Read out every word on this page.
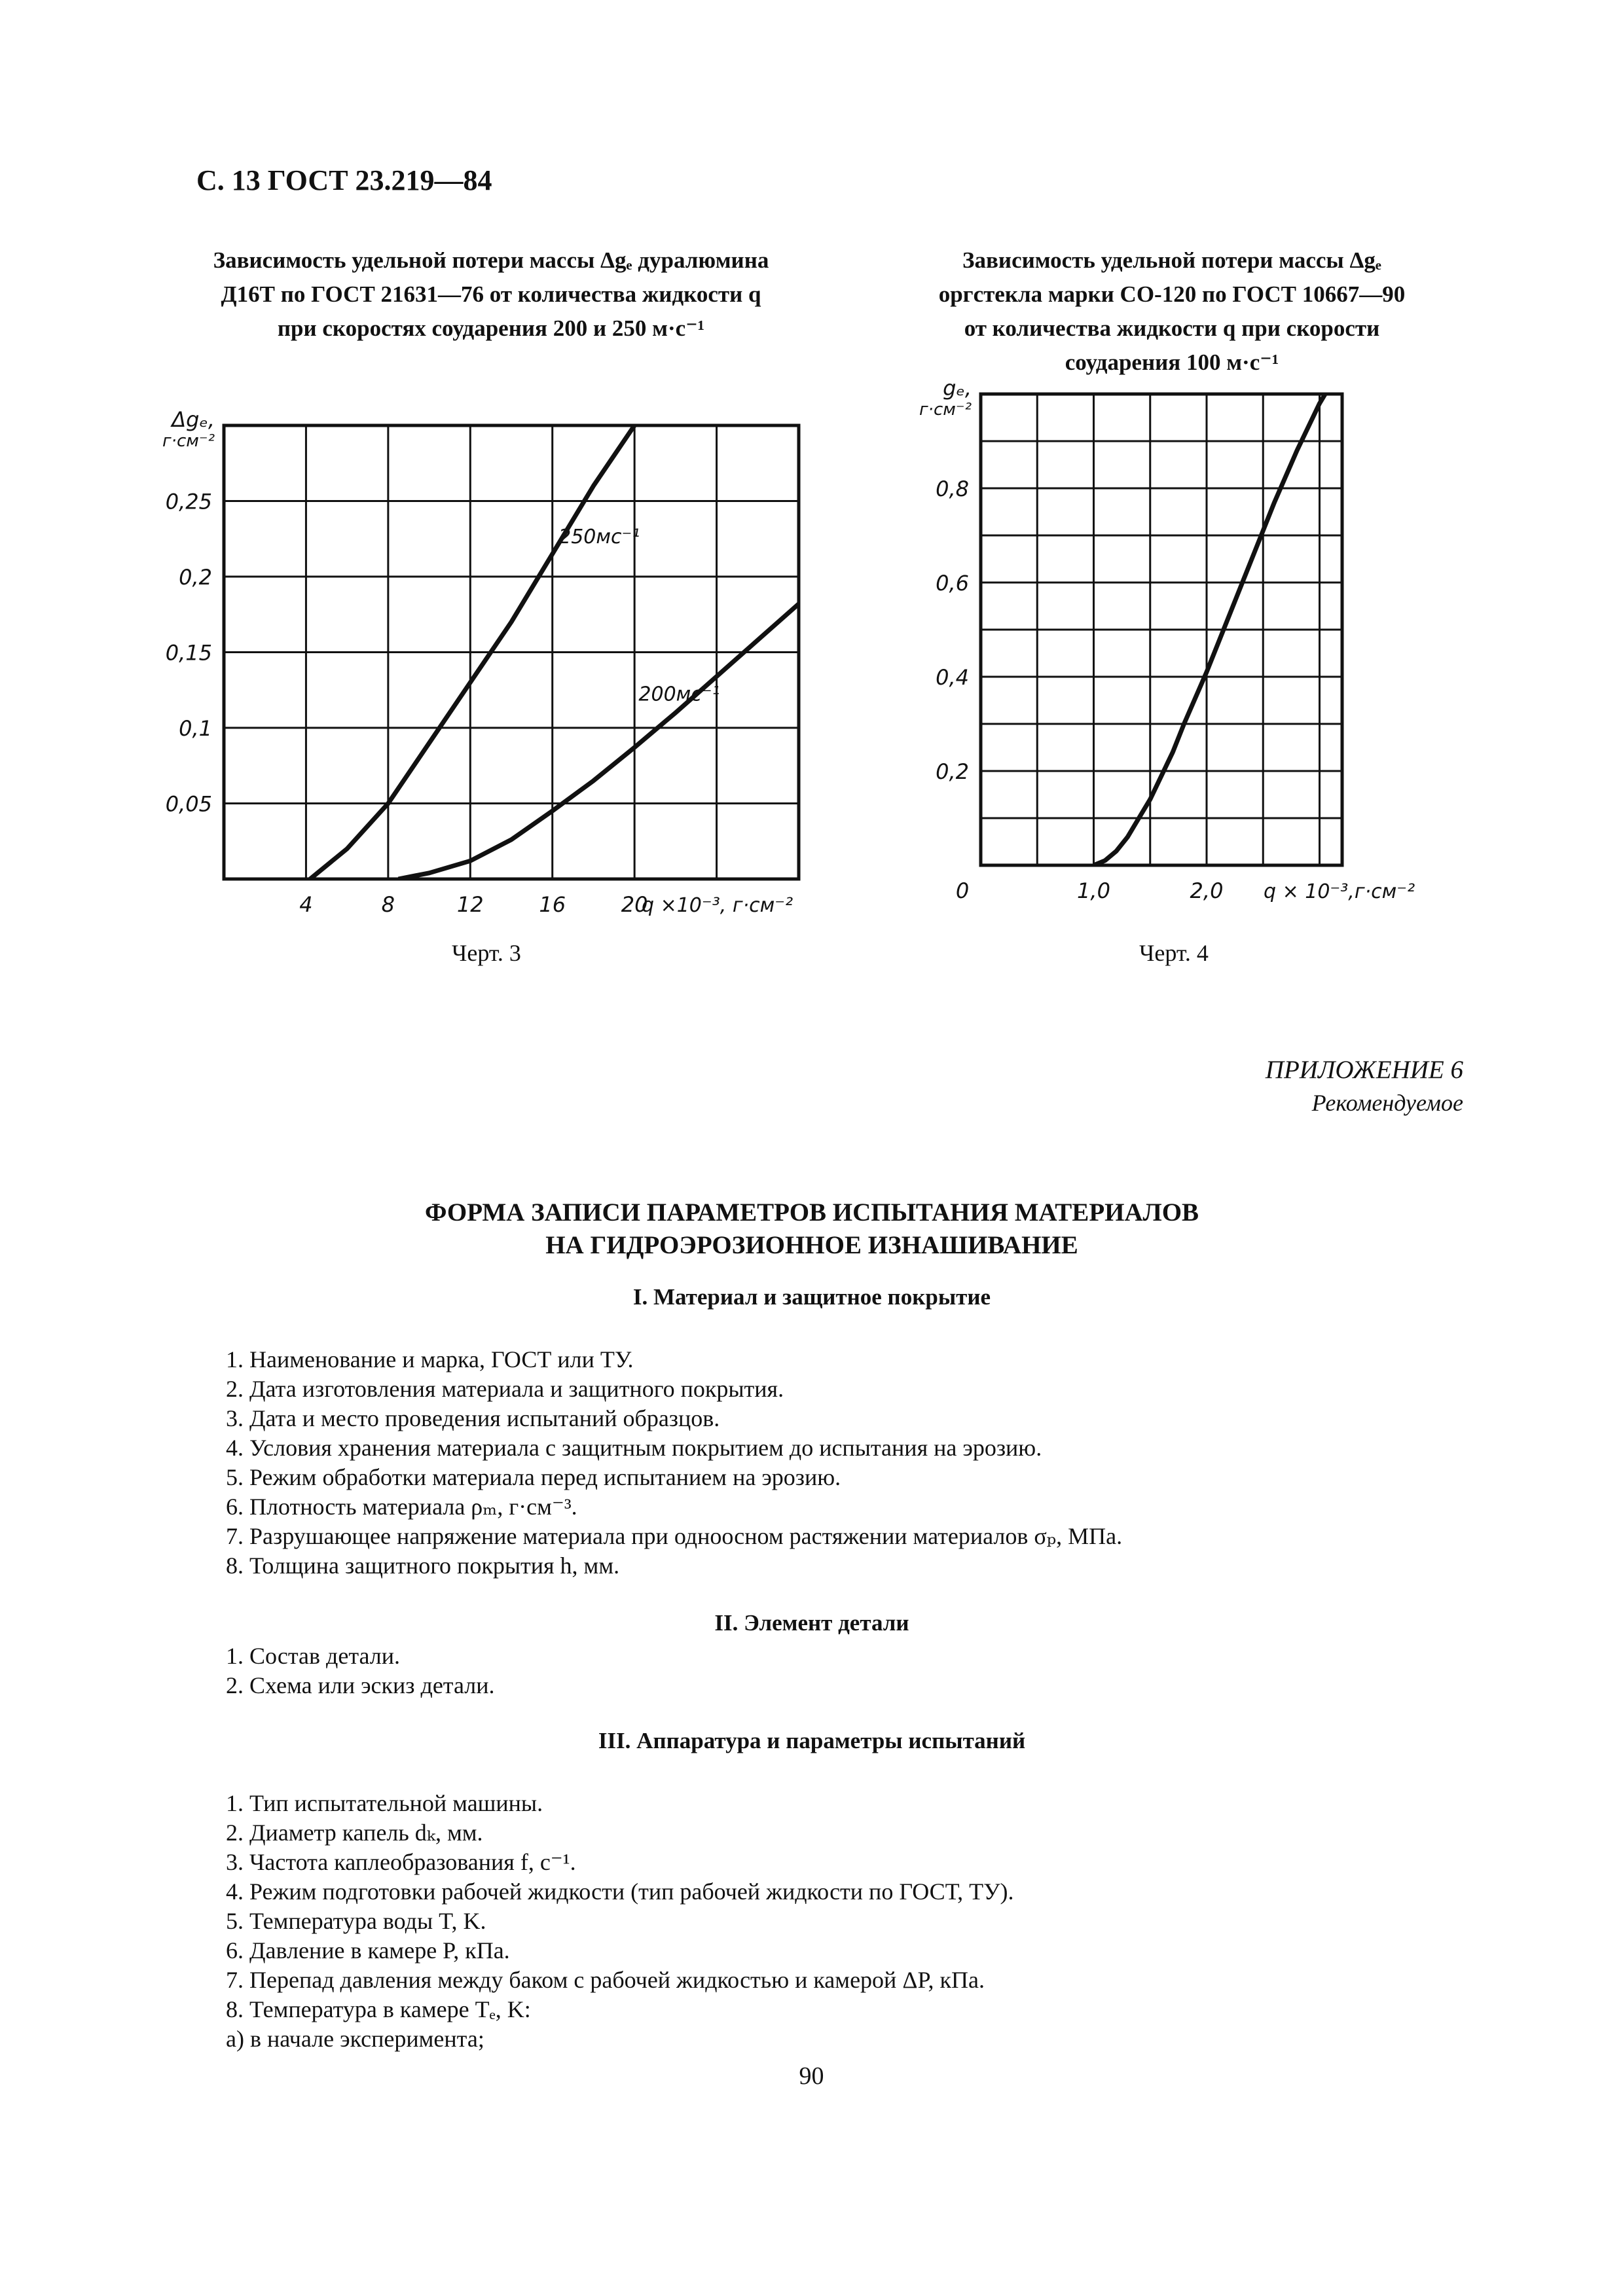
С. 13 ГОСТ 23.219—84
Зависимость удельной потери массы Δgₑ дуралюмина
Д16Т по ГОСТ 21631—76 от количества жидкости q
при скоростях соударения 200 и 250 м·с⁻¹
Зависимость удельной потери массы Δgₑ
оргстекла марки СО-120 по ГОСТ 10667—90
от количества жидкости q при скорости
соударения 100 м·с⁻¹
250мс⁻¹
200мс⁻¹
4	8	12	16	20
0,05
0,1
0,15
0,2
0,25
Δgₑ,
г·см⁻²
q ×10⁻³, г·см⁻²
1,0	2,0
0,2
0,4
0,6
0,8
0
gₑ,
г·см⁻²
q × 10⁻³,г·см⁻²
Черт. 3	Черт. 4
ПРИЛОЖЕНИЕ 6
Рекомендуемое
ФОРМА ЗАПИСИ ПАРАМЕТРОВ ИСПЫТАНИЯ МАТЕРИАЛОВ
НА ГИДРОЭРОЗИОННОЕ ИЗНАШИВАНИЕ
I. Материал и защитное покрытие
1. Наименование и марка, ГОСТ или ТУ.
2. Дата изготовления материала и защитного покрытия.
3. Дата и место проведения испытаний образцов.
4. Условия хранения материала с защитным покрытием до испытания на эрозию.
5. Режим обработки материала перед испытанием на эрозию.
6. Плотность материала ρₘ, г·см⁻³.
7. Разрушающее напряжение материала при одноосном растяжении материалов σₚ, МПа.
8. Толщина защитного покрытия h, мм.
II. Элемент детали
1. Состав детали.
2. Схема или эскиз детали.
III. Аппаратура и параметры испытаний
1. Тип испытательной машины.
2. Диаметр капель dₖ, мм.
3. Частота каплеобразования f, с⁻¹.
4. Режим подготовки рабочей жидкости (тип рабочей жидкости по ГОСТ, ТУ).
5. Температура воды T, K.
6. Давление в камере P, кПа.
7. Перепад давления между баком с рабочей жидкостью и камерой ΔP, кПа.
8. Температура в камере Tₑ, K:
а) в начале эксперимента;
90
